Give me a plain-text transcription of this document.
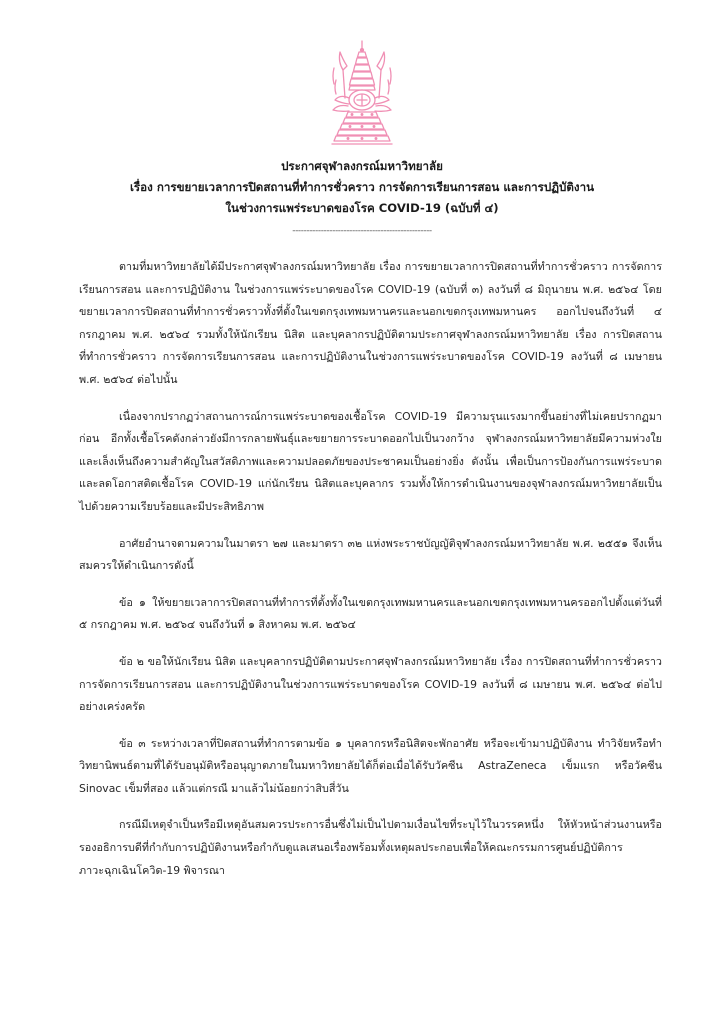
ประกาศจุฬาลงกรณ์มหาวิทยาลัย
เรื่อง การขยายเวลาการปิดสถานที่ทำการชั่วคราว การจัดการเรียนการสอน และการปฏิบัติงาน
ในช่วงการแพร่ระบาดของโรค COVID-19 (ฉบับที่ ๔)
-------------------------------------------------

ตามที่มหาวิทยาลัยได้มีประกาศจุฬาลงกรณ์มหาวิทยาลัย เรื่อง การขยายเวลาการปิดสถานที่ทำการชั่วคราว การจัดการเรียนการสอน และการปฏิบัติงาน ในช่วงการแพร่ระบาดของโรค COVID-19 (ฉบับที่ ๓) ลงวันที่ ๘ มิถุนายน พ.ศ. ๒๕๖๔ โดยขยายเวลาการปิดสถานที่ทำการชั่วคราวทั้งที่ตั้งในเขตกรุงเทพมหานครและนอกเขตกรุงเทพมหานคร ออกไปจนถึงวันที่ ๔ กรกฎาคม พ.ศ. ๒๕๖๔ รวมทั้งให้นักเรียน นิสิต และบุคลากรปฏิบัติตามประกาศจุฬาลงกรณ์มหาวิทยาลัย เรื่อง การปิดสถานที่ทำการชั่วคราว การจัดการเรียนการสอน และการปฏิบัติงานในช่วงการแพร่ระบาดของโรค COVID-19 ลงวันที่ ๘ เมษายน พ.ศ. ๒๕๖๔ ต่อไปนั้น

เนื่องจากปรากฏว่าสถานการณ์การแพร่ระบาดของเชื้อโรค COVID-19 มีความรุนแรงมากขึ้นอย่างที่ไม่เคยปรากฏมาก่อน อีกทั้งเชื้อโรคดังกล่าวยังมีการกลายพันธุ์และขยายการระบาดออกไปเป็นวงกว้าง จุฬาลงกรณ์มหาวิทยาลัยมีความห่วงใยและเล็งเห็นถึงความสำคัญในสวัสดิภาพและความปลอดภัยของประชาคมเป็นอย่างยิ่ง ดังนั้น เพื่อเป็นการป้องกันการแพร่ระบาดและลดโอกาสติดเชื้อโรค COVID-19 แก่นักเรียน นิสิตและบุคลากร รวมทั้งให้การดำเนินงานของจุฬาลงกรณ์มหาวิทยาลัยเป็นไปด้วยความเรียบร้อยและมีประสิทธิภาพ

อาศัยอำนาจตามความในมาตรา ๒๗ และมาตรา ๓๒ แห่งพระราชบัญญัติจุฬาลงกรณ์มหาวิทยาลัย พ.ศ. ๒๕๕๑ จึงเห็นสมควรให้ดำเนินการดังนี้

ข้อ ๑ ให้ขยายเวลาการปิดสถานที่ทำการที่ตั้งทั้งในเขตกรุงเทพมหานครและนอกเขตกรุงเทพมหานครออกไปตั้งแต่วันที่ ๕ กรกฎาคม พ.ศ. ๒๕๖๔ จนถึงวันที่ ๑ สิงหาคม พ.ศ. ๒๕๖๔

ข้อ ๒ ขอให้นักเรียน นิสิต และบุคลากรปฏิบัติตามประกาศจุฬาลงกรณ์มหาวิทยาลัย เรื่อง การปิดสถานที่ทำการชั่วคราว การจัดการเรียนการสอน และการปฏิบัติงานในช่วงการแพร่ระบาดของโรค COVID-19 ลงวันที่ ๘ เมษายน พ.ศ. ๒๕๖๔ ต่อไปอย่างเคร่งครัด

ข้อ ๓ ระหว่างเวลาที่ปิดสถานที่ทำการตามข้อ ๑ บุคลากรหรือนิสิตจะพักอาศัย หรือจะเข้ามาปฏิบัติงาน ทำวิจัยหรือทำวิทยานิพนธ์ตามที่ได้รับอนุมัติหรืออนุญาตภายในมหาวิทยาลัยได้ก็ต่อเมื่อได้รับวัคซีน AstraZeneca เข็มแรก หรือวัคซีน Sinovac เข็มที่สอง แล้วแต่กรณี มาแล้วไม่น้อยกว่าสิบสี่วัน

กรณีมีเหตุจำเป็นหรือมีเหตุอันสมควรประการอื่นซึ่งไม่เป็นไปตามเงื่อนไขที่ระบุไว้ในวรรคหนึ่ง ให้หัวหน้าส่วนงานหรือรองอธิการบดีที่กำกับการปฏิบัติงานหรือกำกับดูแลเสนอเรื่องพร้อมทั้งเหตุผลประกอบเพื่อให้คณะกรรมการศูนย์ปฏิบัติการภาวะฉุกเฉินโควิด-19 พิจารณา
